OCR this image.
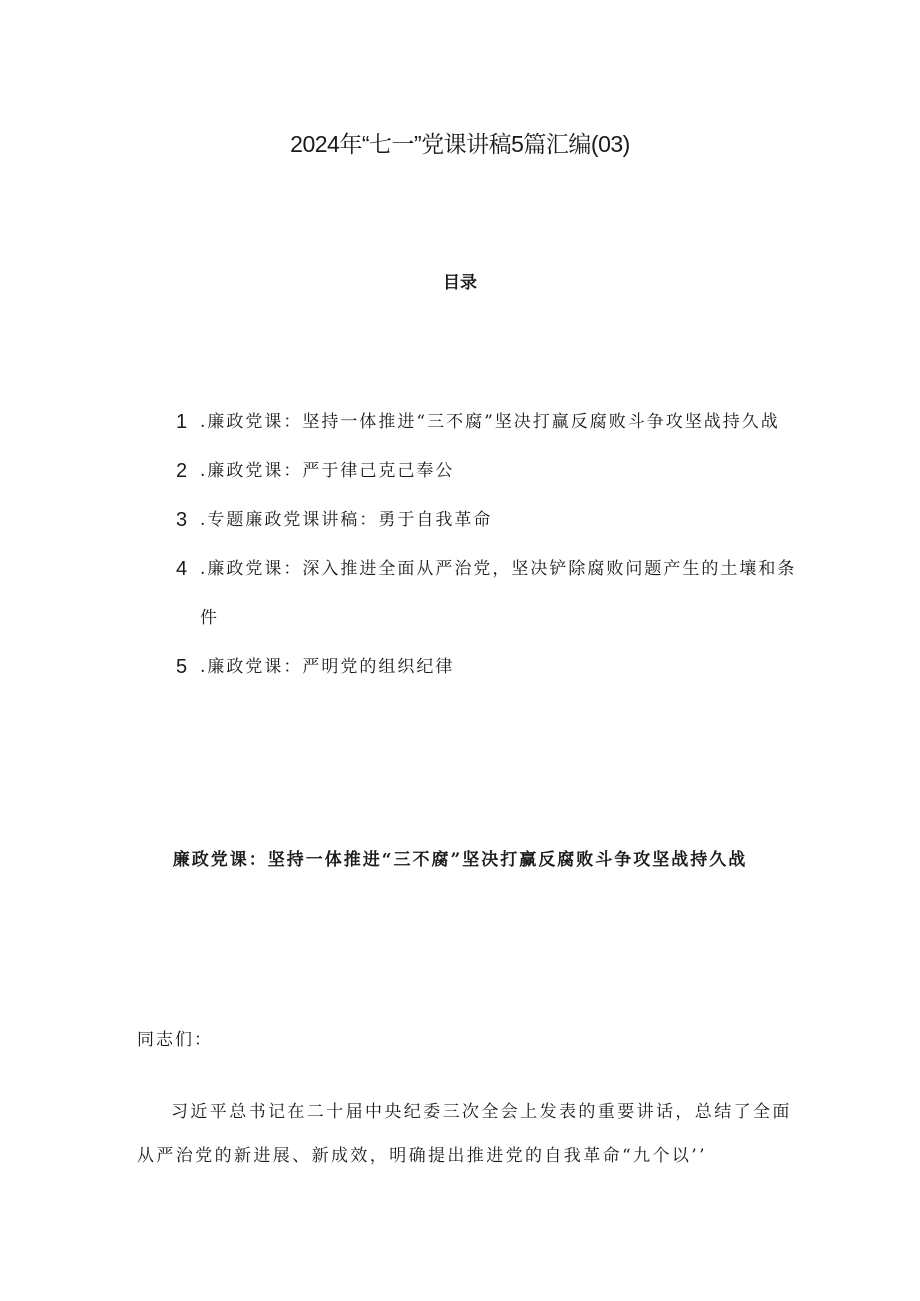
2024年“七一”党课讲稿5篇汇编(03)
目录
1 .廉政党课：坚持一体推进“三不腐”坚决打赢反腐败斗争攻坚战持久战
2 .廉政党课：严于律己克己奉公
3 .专题廉政党课讲稿：勇于自我革命
4 .廉政党课：深入推进全面从严治党，坚决铲除腐败问题产生的土壤和条件
5 .廉政党课：严明党的组织纪律
廉政党课：坚持一体推进“三不腐”坚决打赢反腐败斗争攻坚战持久战

同志们：

习近平总书记在二十届中央纪委三次全会上发表的重要讲话，总结了全面从严治党的新进展、新成效，明确提出推进党的自我革命“九个以’’
